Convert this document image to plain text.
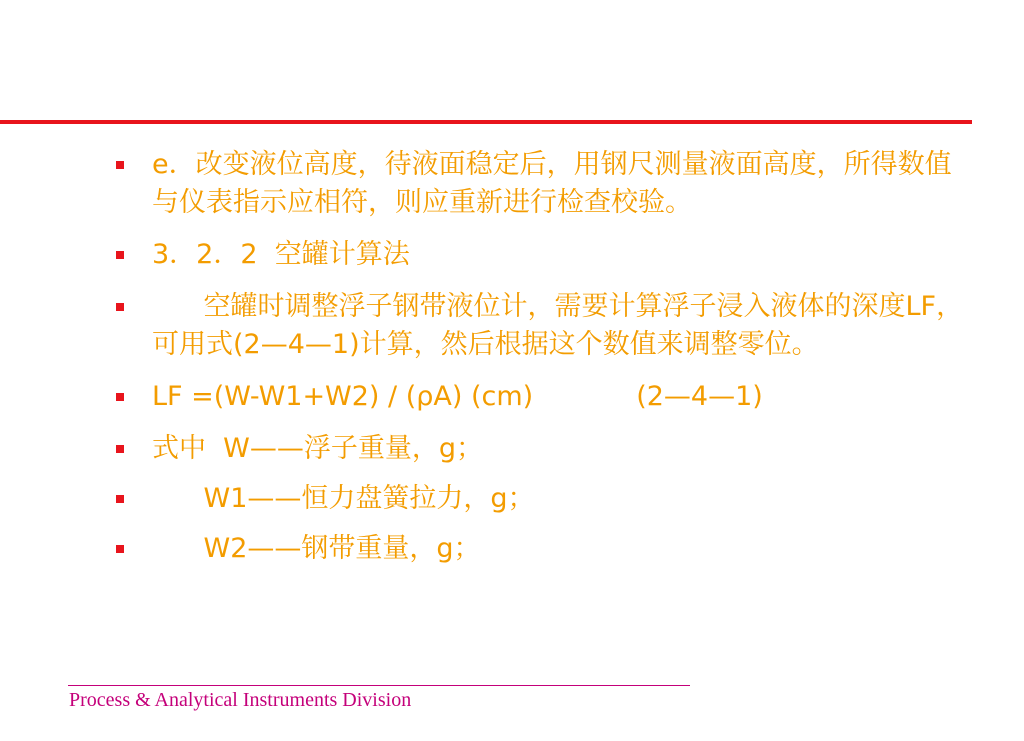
e．改变液位高度，待液面稳定后，用钢尺测量液面高度，所得数值与仪表指示应相符，则应重新进行检查校验。
3．2．2  空罐计算法
空罐时调整浮子钢带液位计，需要计算浮子浸入液体的深度LF，可用式(2—4—1)计算，然后根据这个数值来调整零位。
LF =(W-W1+W2) / (ρA) (cm)            (2—4—1)
式中  W——浮子重量，g；
W1——恒力盘簧拉力，g；
W2——钢带重量，g；
Process & Analytical Instruments Division
